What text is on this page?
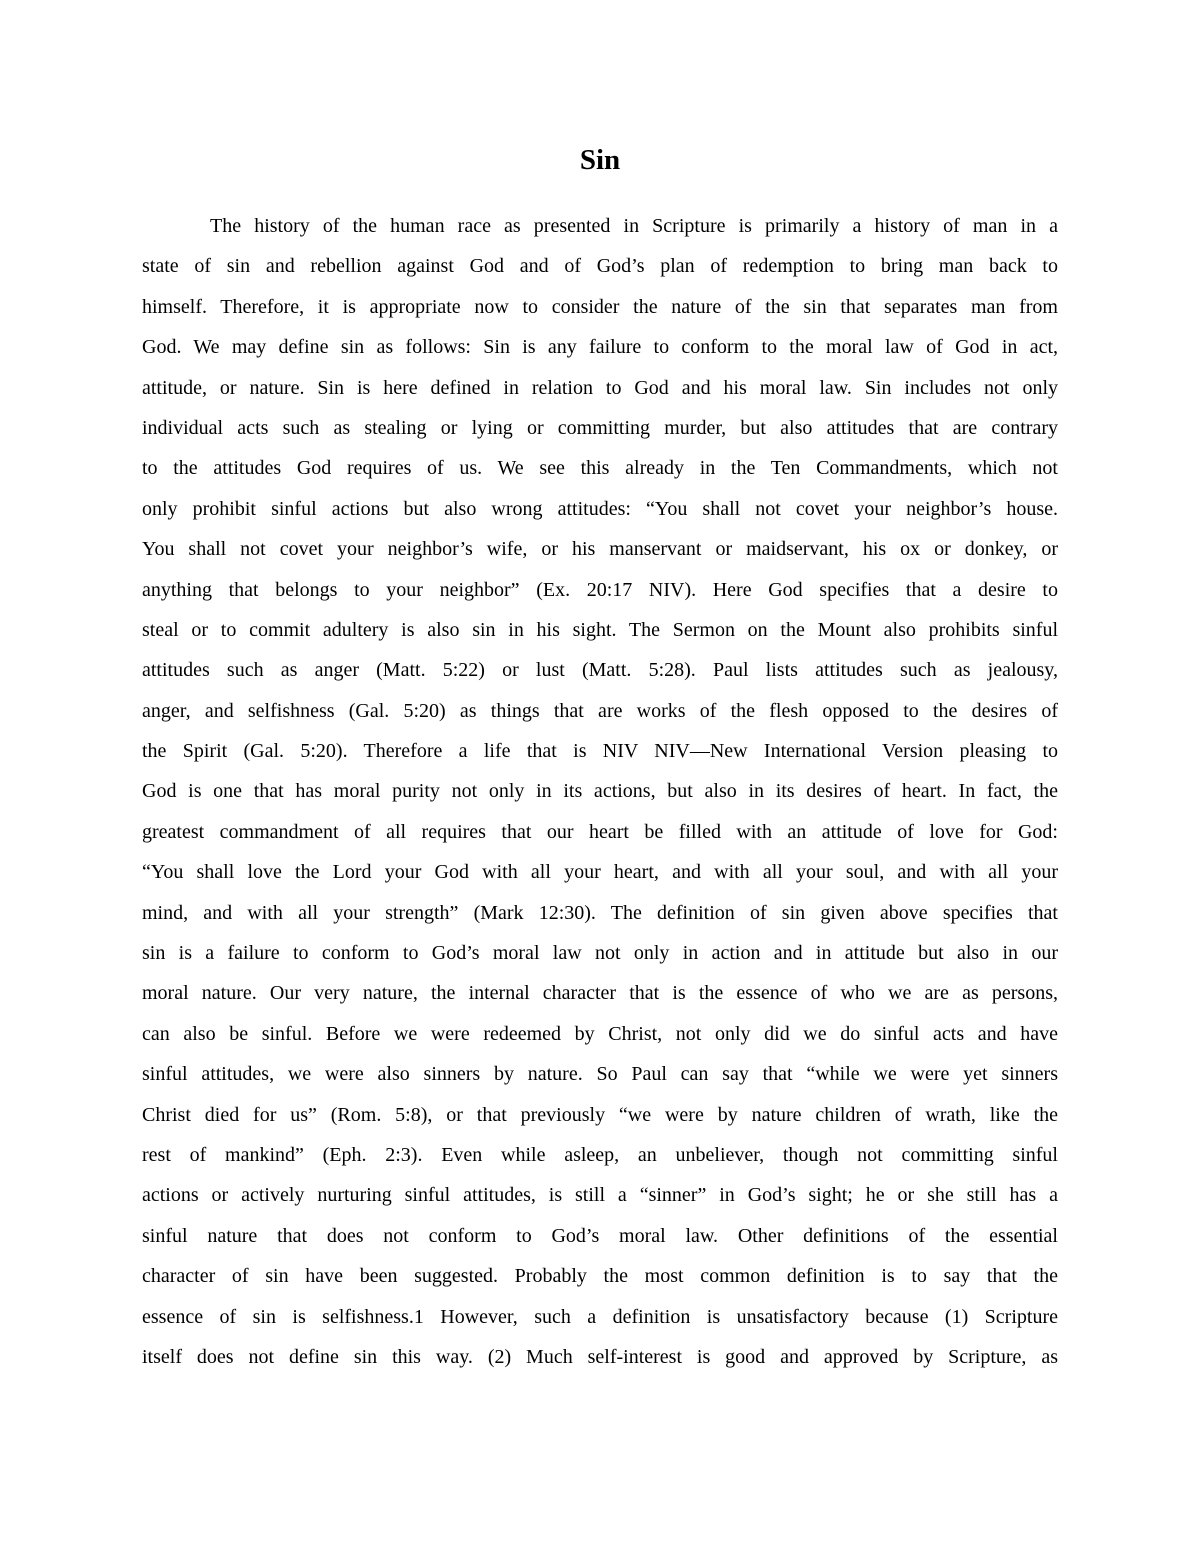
Sin
The history of the human race as presented in Scripture is primarily a history of man in a
state of sin and rebellion against God and of God’s plan of redemption to bring man back to
himself. Therefore, it is appropriate now to consider the nature of the sin that separates man from
God. We may define sin as follows: Sin is any failure to conform to the moral law of God in act,
attitude, or nature. Sin is here defined in relation to God and his moral law. Sin includes not only
individual acts such as stealing or lying or committing murder, but also attitudes that are contrary
to the attitudes God requires of us. We see this already in the Ten Commandments, which not
only prohibit sinful actions but also wrong attitudes: “You shall not covet your neighbor’s house.
You shall not covet your neighbor’s wife, or his manservant or maidservant, his ox or donkey, or
anything that belongs to your neighbor” (Ex. 20:17 NIV). Here God specifies that a desire to
steal or to commit adultery is also sin in his sight. The Sermon on the Mount also prohibits sinful
attitudes such as anger (Matt. 5:22) or lust (Matt. 5:28). Paul lists attitudes such as jealousy,
anger, and selfishness (Gal. 5:20) as things that are works of the flesh opposed to the desires of
the Spirit (Gal. 5:20). Therefore a life that is NIV NIV—New International Version pleasing to
God is one that has moral purity not only in its actions, but also in its desires of heart. In fact, the
greatest commandment of all requires that our heart be filled with an attitude of love for God:
“You shall love the Lord your God with all your heart, and with all your soul, and with all your
mind, and with all your strength” (Mark 12:30). The definition of sin given above specifies that
sin is a failure to conform to God’s moral law not only in action and in attitude but also in our
moral nature. Our very nature, the internal character that is the essence of who we are as persons,
can also be sinful. Before we were redeemed by Christ, not only did we do sinful acts and have
sinful attitudes, we were also sinners by nature. So Paul can say that “while we were yet sinners
Christ died for us” (Rom. 5:8), or that previously “we were by nature children of wrath, like the
rest of mankind” (Eph. 2:3). Even while asleep, an unbeliever, though not committing sinful
actions or actively nurturing sinful attitudes, is still a “sinner” in God’s sight; he or she still has a
sinful nature that does not conform to God’s moral law. Other definitions of the essential
character of sin have been suggested. Probably the most common definition is to say that the
essence of sin is selfishness.1 However, such a definition is unsatisfactory because (1) Scripture
itself does not define sin this way. (2) Much self-interest is good and approved by Scripture, as
